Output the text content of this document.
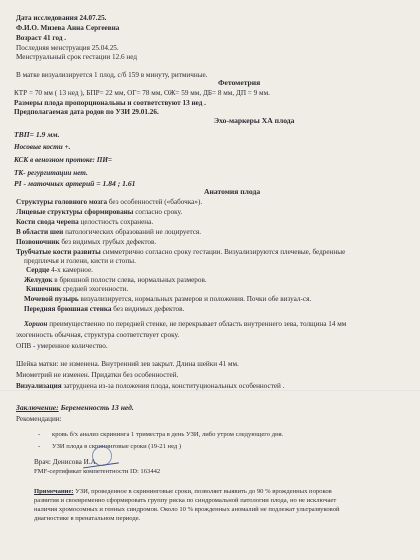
Дата исследования 24.07.25.
Ф.И.О. Мизева Анна Сергеевна
Возраст 41 год .
Последняя менструация 25.04.25.
Менструальный срок гестации 12.6 нед
В матке визуализируется 1 плод, с/б 159 в минуту, ритмичные.
Фетометрия
КТР = 70 мм ( 13 нед ), БПР= 22 мм, ОГ= 78 мм, ОЖ= 59 мм, ДБ= 8 мм, ДП = 9 мм.
Размеры плода пропорциональны и соответствуют 13 нед .
Предполагаемая дата родов по УЗИ 29.01.26.
Эхо-маркеры ХА плода
ТВП= 1.9 мм.
Носовые кости +.
КСК в венозном протоке: ПИ=
ТК- регургитации нет.
PI - маточных артерий = 1.84 ; 1.61
Анатомия плода
Структуры головного мозга без особенностей («бабочка»).
Лицевые структуры сформированы согласно сроку.
Кости свода черепа целостность сохранена.
В области шеи патологических образований не лоцируется.
Позвоночник без видимых грубых дефектов.
Трубчатые кости развиты симметрично согласно сроку гестации. Визуализируются плечевые, бедренные
предплечья и голени, кисти и стопы.
Сердце 4-х камерное.
Желудок в брюшной полости слева, нормальных размеров.
Кишечник средней эхогенности.
Мочевой пузырь визуализируется, нормальных размеров и положения. Почки обе визуал-ся.
Передняя брюшная стенка без видимых дефектов.
Хорион преимущественно по передней стенке, не перекрывает область внутреннего зева, толщина 14 мм
эхогенность обычная, структура соответствует сроку.
ОПВ - умеренное количество.
Шейка матки: не изменена. Внутренний зев закрыт. Длина шейки 41 мм.
Миометрий не изменен. Придатки без особенностей.
Визуализация затруднена из-за положения плода, конституциональных особенностей .
Заключение: Беременность 13 нед.
Рекомендации:
- кровь б/х анализ скрининга 1 триместра в день УЗИ, либо утром следующего дня.
- УЗИ плода в скрининговые сроки (19-21 нед )
Врач: Денисова И.А.
FMF-сертификат компетентности ID: 163442
Примечание: УЗИ, проведенное в скрининговые сроки, позволяет выявить до 90 % врожденных пороков
развития и своевременно сформировать группу риска по синдромальной патологии плода, но не исключает
наличия хромосомных и генных синдромов. Около 10 % врожденных аномалий не подлежат ультразвуковой
диагностике в пренатальном периоде.
